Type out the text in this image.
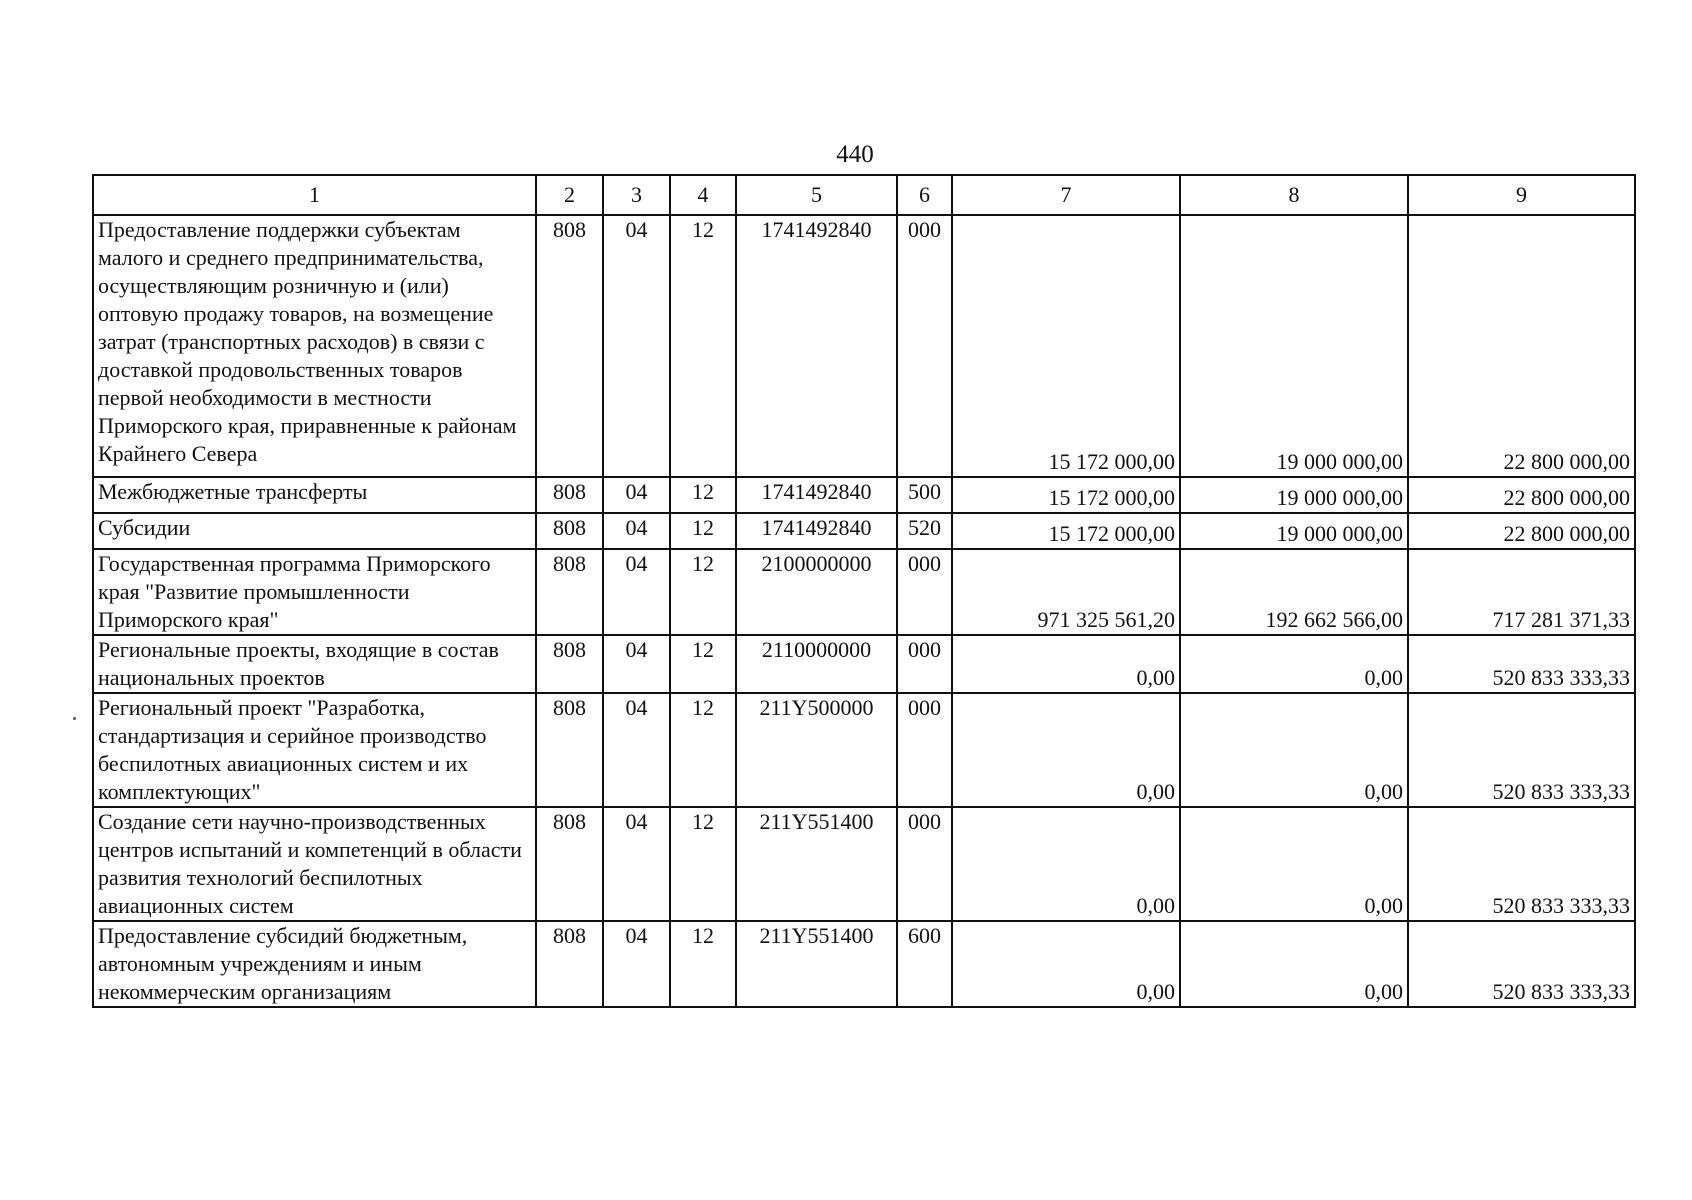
440
1	2	3	4	5	6	7	8	9
Предоставление поддержки субъектам малого и среднего предпринимательства, осуществляющим розничную и (или) оптовую продажу товаров, на возмещение затрат (транспортных расходов) в связи с доставкой продовольственных товаров первой необходимости в местности Приморского края, приравненные к районам Крайнего Севера	808	04	12	1741492840	000	15 172 000,00	19 000 000,00	22 800 000,00
Межбюджетные трансферты	808	04	12	1741492840	500	15 172 000,00	19 000 000,00	22 800 000,00
Субсидии	808	04	12	1741492840	520	15 172 000,00	19 000 000,00	22 800 000,00
Государственная программа Приморского края "Развитие промышленности Приморского края"	808	04	12	2100000000	000	971 325 561,20	192 662 566,00	717 281 371,33
Региональные проекты, входящие в состав национальных проектов	808	04	12	2110000000	000	0,00	0,00	520 833 333,33
Региональный проект "Разработка, стандартизация и серийное производство беспилотных авиационных систем и их комплектующих"	808	04	12	211Y500000	000	0,00	0,00	520 833 333,33
Создание сети научно-производственных центров испытаний и компетенций в области развития технологий беспилотных авиационных систем	808	04	12	211Y551400	000	0,00	0,00	520 833 333,33
Предоставление субсидий бюджетным, автономным учреждениям и иным некоммерческим организациям	808	04	12	211Y551400	600	0,00	0,00	520 833 333,33
